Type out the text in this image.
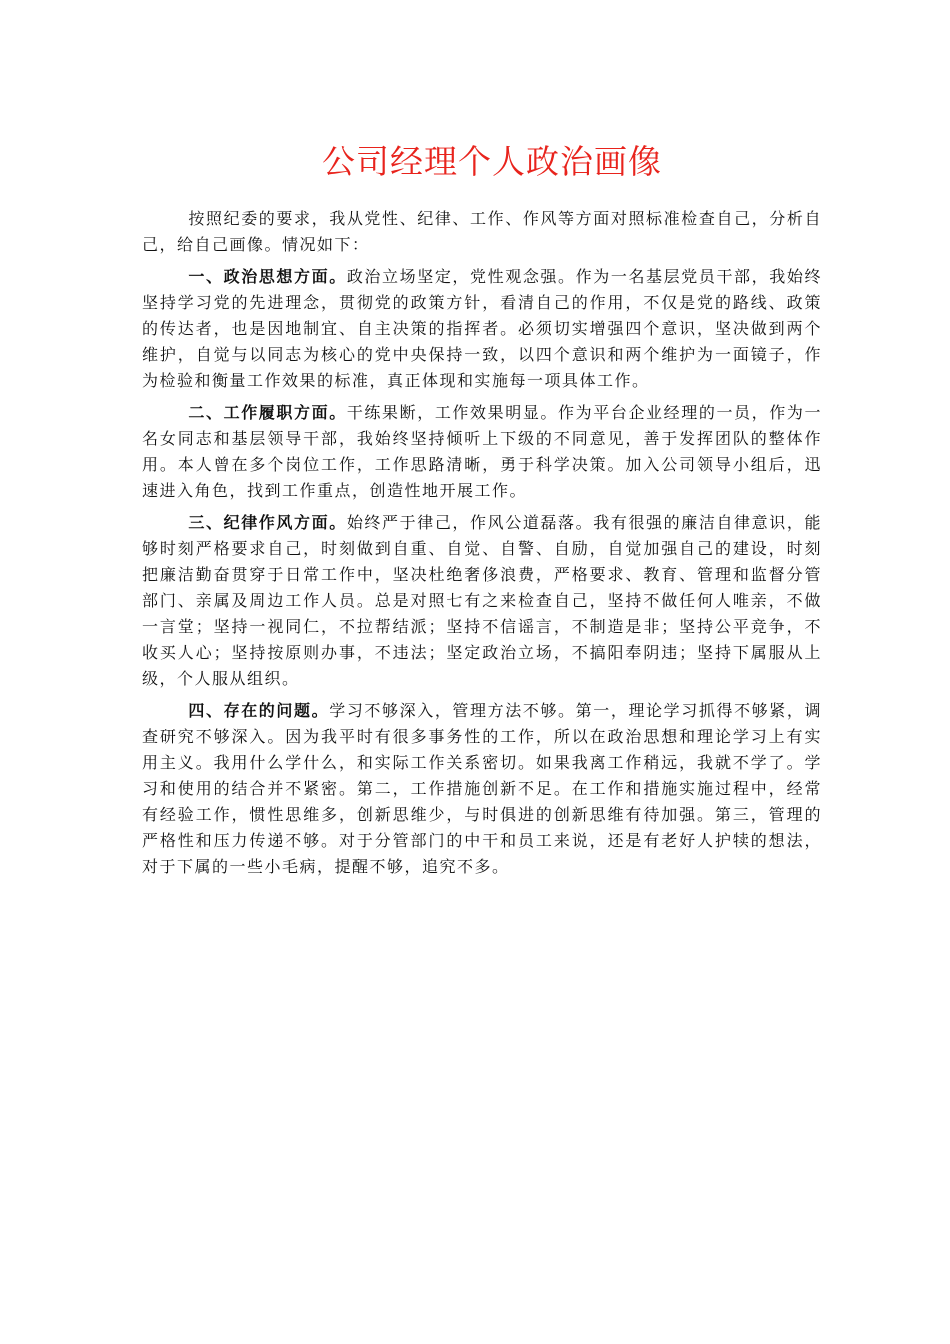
公司经理个人政治画像

按照纪委的要求，我从党性、纪律、工作、作风等方面对照标准检查自己，分析自己，给自己画像。情况如下：

一、政治思想方面。政治立场坚定，党性观念强。作为一名基层党员干部，我始终坚持学习党的先进理念，贯彻党的政策方针，看清自己的作用，不仅是党的路线、政策的传达者，也是因地制宜、自主决策的指挥者。必须切实增强四个意识，坚决做到两个维护，自觉与以同志为核心的党中央保持一致，以四个意识和两个维护为一面镜子，作为检验和衡量工作效果的标准，真正体现和实施每一项具体工作。

二、工作履职方面。干练果断，工作效果明显。作为平台企业经理的一员，作为一名女同志和基层领导干部，我始终坚持倾听上下级的不同意见，善于发挥团队的整体作用。本人曾在多个岗位工作，工作思路清晰，勇于科学决策。加入公司领导小组后，迅速进入角色，找到工作重点，创造性地开展工作。

三、纪律作风方面。始终严于律己，作风公道磊落。我有很强的廉洁自律意识，能够时刻严格要求自己，时刻做到自重、自觉、自警、自励，自觉加强自己的建设，时刻把廉洁勤奋贯穿于日常工作中，坚决杜绝奢侈浪费，严格要求、教育、管理和监督分管部门、亲属及周边工作人员。总是对照七有之来检查自己，坚持不做任何人唯亲，不做一言堂；坚持一视同仁，不拉帮结派；坚持不信谣言，不制造是非；坚持公平竞争，不收买人心；坚持按原则办事，不违法；坚定政治立场，不搞阳奉阴违；坚持下属服从上级，个人服从组织。

四、存在的问题。学习不够深入，管理方法不够。第一，理论学习抓得不够紧，调查研究不够深入。因为我平时有很多事务性的工作，所以在政治思想和理论学习上有实用主义。我用什么学什么，和实际工作关系密切。如果我离工作稍远，我就不学了。学习和使用的结合并不紧密。第二，工作措施创新不足。在工作和措施实施过程中，经常有经验工作，惯性思维多，创新思维少，与时俱进的创新思维有待加强。第三，管理的严格性和压力传递不够。对于分管部门的中干和员工来说，还是有老好人护犊的想法，对于下属的一些小毛病，提醒不够，追究不多。
